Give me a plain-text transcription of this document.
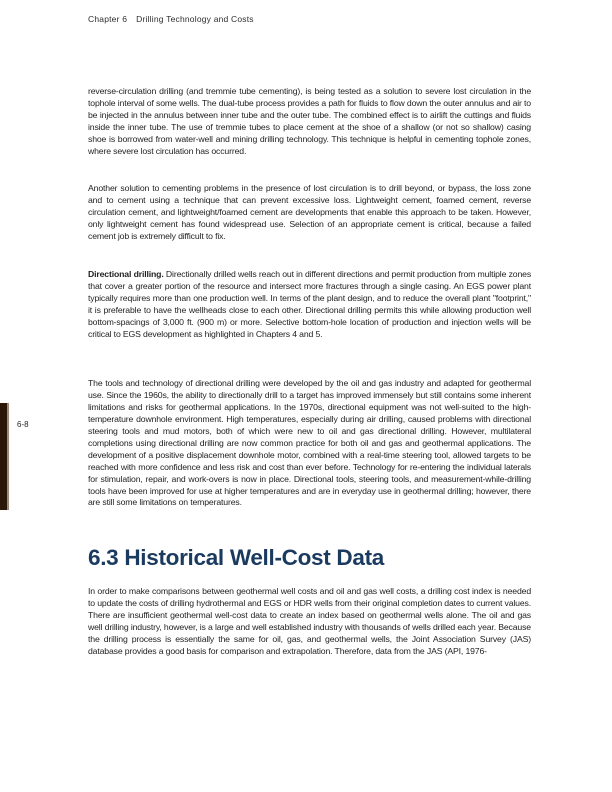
Chapter 6 Drilling Technology and Costs
6-8

reverse-circulation drilling (and tremmie tube cementing), is being tested as a solution to severe lost circulation in the tophole interval of some wells. The dual-tube process provides a path for fluids to flow down the outer annulus and air to be injected in the annulus between inner tube and the outer tube. The combined effect is to airlift the cuttings and fluids inside the inner tube. The use of tremmie tubes to place cement at the shoe of a shallow (or not so shallow) casing shoe is borrowed from water-well and mining drilling technology. This technique is helpful in cementing tophole zones, where severe lost circulation has occurred.

Another solution to cementing problems in the presence of lost circulation is to drill beyond, or bypass, the loss zone and to cement using a technique that can prevent excessive loss. Lightweight cement, foamed cement, reverse circulation cement, and lightweight/foamed cement are developments that enable this approach to be taken. However, only lightweight cement has found widespread use. Selection of an appropriate cement is critical, because a failed cement job is extremely difficult to fix.

Directional drilling. Directionally drilled wells reach out in different directions and permit production from multiple zones that cover a greater portion of the resource and intersect more fractures through a single casing. An EGS power plant typically requires more than one production well. In terms of the plant design, and to reduce the overall plant "footprint," it is preferable to have the wellheads close to each other. Directional drilling permits this while allowing production well bottom-spacings of 3,000 ft. (900 m) or more. Selective bottom-hole location of production and injection wells will be critical to EGS development as highlighted in Chapters 4 and 5.

The tools and technology of directional drilling were developed by the oil and gas industry and adapted for geothermal use. Since the 1960s, the ability to directionally drill to a target has improved immensely but still contains some inherent limitations and risks for geothermal applications. In the 1970s, directional equipment was not well-suited to the high-temperature downhole environment. High temperatures, especially during air drilling, caused problems with directional steering tools and mud motors, both of which were new to oil and gas directional drilling. However, multilateral completions using directional drilling are now common practice for both oil and gas and geothermal applications. The development of a positive displacement downhole motor, combined with a real-time steering tool, allowed targets to be reached with more confidence and less risk and cost than ever before. Technology for re-entering the individual laterals for stimulation, repair, and work-overs is now in place. Directional tools, steering tools, and measurement-while-drilling tools have been improved for use at higher temperatures and are in everyday use in geothermal drilling; however, there are still some limitations on temperatures.

6.3 Historical Well-Cost Data

In order to make comparisons between geothermal well costs and oil and gas well costs, a drilling cost index is needed to update the costs of drilling hydrothermal and EGS or HDR wells from their original completion dates to current values. There are insufficient geothermal well-cost data to create an index based on geothermal wells alone. The oil and gas well drilling industry, however, is a large and well established industry with thousands of wells drilled each year. Because the drilling process is essentially the same for oil, gas, and geothermal wells, the Joint Association Survey (JAS) database provides a good basis for comparison and extrapolation. Therefore, data from the JAS (API, 1976-
